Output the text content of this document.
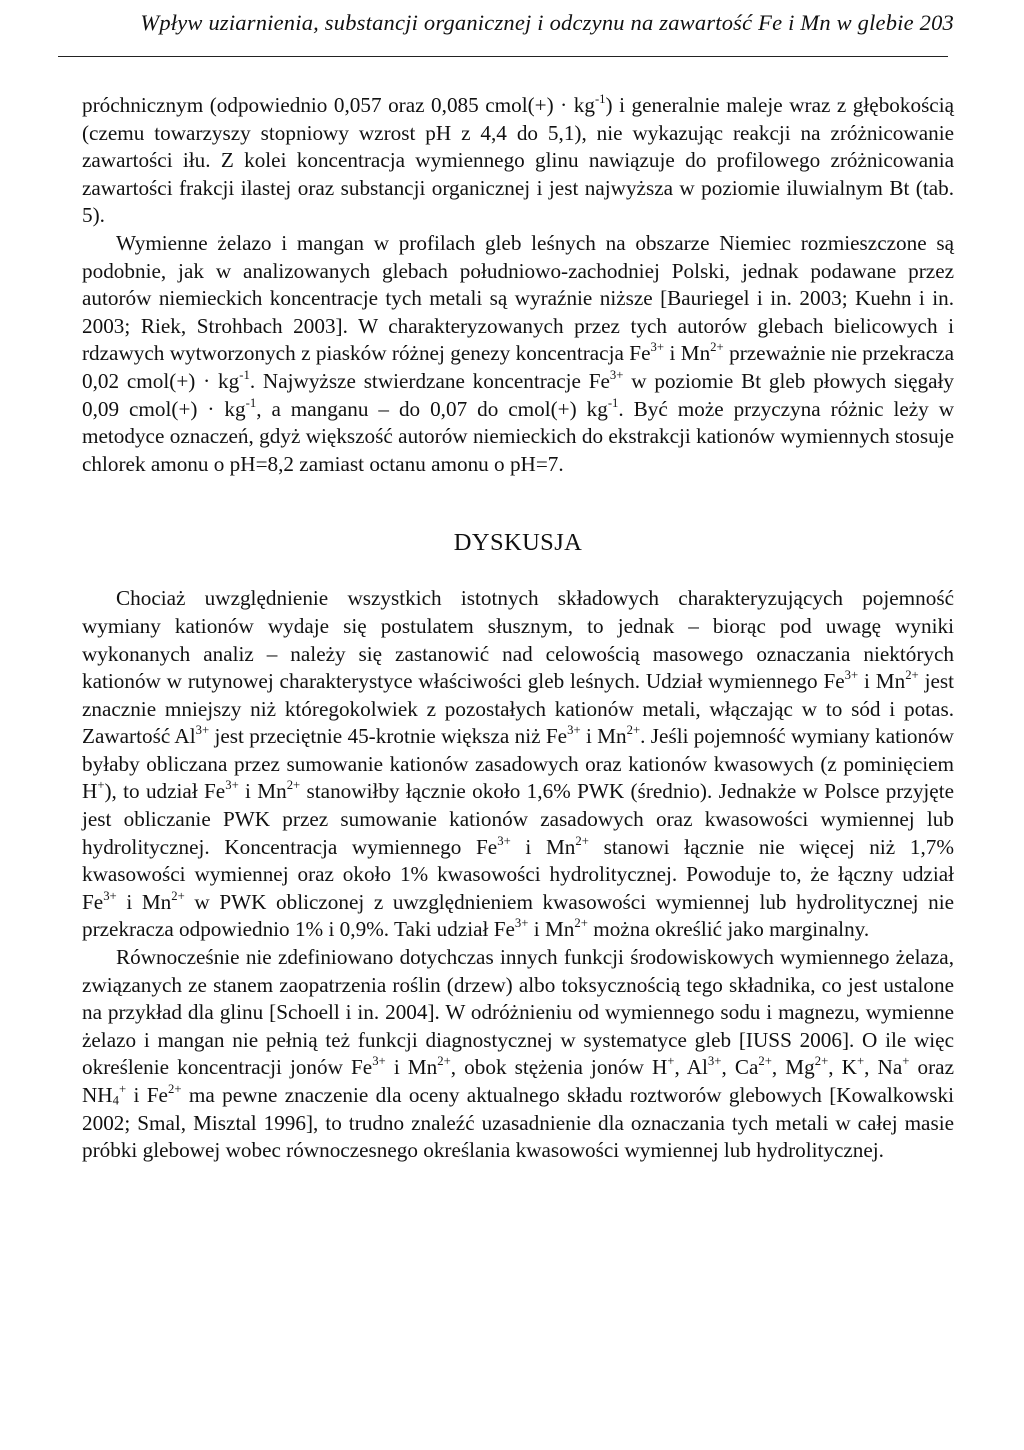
Wpływ uziarnienia, substancji organicznej i odczynu na zawartość Fe i Mn w glebie 203

próchnicznym (odpowiednio 0,057 oraz 0,085 cmol(+) · $kg^{-1}$) i generalnie maleje wraz z głębokością (czemu towarzyszy stopniowy wzrost pH z 4,4 do 5,1), nie wykazując reakcji na zróżnicowanie zawartości iłu. Z kolei koncentracja wymiennego glinu nawiązuje do profilowego zróżnicowania zawartości frakcji ilastej oraz substancji organicznej i jest najwyższa w poziomie iluwialnym Bt (tab. 5).

Wymienne żelazo i mangan w profilach gleb leśnych na obszarze Niemiec rozmieszczone są podobnie, jak w analizowanych glebach południowo-zachodniej Polski, jednak podawane przez autorów niemieckich koncentracje tych metali są wyraźnie niższe [Bauriegel i in. 2003; Kuehn i in. 2003; Riek, Strohbach 2003]. W charakteryzowanych przez tych autorów glebach bielicowych i rdzawych wytworzonych z piasków różnej genezy koncentracja $Fe^{3+}$ i $Mn^{2+}$ przeważnie nie przekracza 0,02 cmol(+) · $kg^{-1}$. Najwyższe stwierdzane koncentracje $Fe^{3+}$ w poziomie Bt gleb płowych sięgały 0,09 cmol(+) · $kg^{-1}$, a manganu – do 0,07 do cmol(+) $kg^{-1}$. Być może przyczyna różnic leży w metodyce oznaczeń, gdyż większość autorów niemieckich do ekstrakcji kationów wymiennych stosuje chlorek amonu o pH=8,2 zamiast octanu amonu o pH=7.

DYSKUSJA

Chociaż uwzględnienie wszystkich istotnych składowych charakteryzujących pojemność wymiany kationów wydaje się postulatem słusznym, to jednak – biorąc pod uwagę wyniki wykonanych analiz – należy się zastanowić nad celowością masowego oznaczania niektórych kationów w rutynowej charakterystyce właściwości gleb leśnych. Udział wymiennego $Fe^{3+}$ i $Mn^{2+}$ jest znacznie mniejszy niż któregokolwiek z pozostałych kationów metali, włączając w to sód i potas. Zawartość $Al^{3+}$ jest przeciętnie 45-krotnie większa niż $Fe^{3+}$ i $Mn^{2+}$. Jeśli pojemność wymiany kationów byłaby obliczana przez sumowanie kationów zasadowych oraz kationów kwasowych (z pominięciem H+), to udział $Fe^{3+}$ i $Mn^{2+}$ stanowiłby łącznie około 1,6% PWK (średnio). Jednakże w Polsce przyjęte jest obliczanie PWK przez sumowanie kationów zasadowych oraz kwasowości wymiennej lub hydrolitycznej. Koncentracja wymiennego $Fe^{3+}$ i $Mn^{2+}$ stanowi łącznie nie więcej niż 1,7% kwasowości wymiennej oraz około 1% kwasowości hydrolitycznej. Powoduje to, że łączny udział $Fe^{3+}$ i $Mn^{2+}$ w PWK obliczonej z uwzględnieniem kwasowości wymiennej lub hydrolitycznej nie przekracza odpowiednio 1% i 0,9%. Taki udział $Fe^{3+}$ i $Mn^{2+}$ można określić jako marginalny.

Równocześnie nie zdefiniowano dotychczas innych funkcji środowiskowych wymiennego żelaza, związanych ze stanem zaopatrzenia roślin (drzew) albo toksycznością tego składnika, co jest ustalone na przykład dla glinu [Schoell i in. 2004]. W odróżnieniu od wymiennego sodu i magnezu, wymienne żelazo i mangan nie pełnią też funkcji diagnostycznej w systematyce gleb [IUSS 2006]. O ile więc określenie koncentracji jonów $Fe^{3+}$ i $Mn^{2+}$, obok stężenia jonów H+, $Al^{3+}$, $Ca^{2+}$, $Mg^{2+}$, K+, Na+ oraz $NH_4^+$ i $Fe^{2+}$ ma pewne znaczenie dla oceny aktualnego składu roztworów glebowych [Kowalkowski 2002; Smal, Misztal 1996], to trudno znaleźć uzasadnienie dla oznaczania tych metali w całej masie próbki glebowej wobec równoczesnego określania kwasowości wymiennej lub hydrolitycznej.
